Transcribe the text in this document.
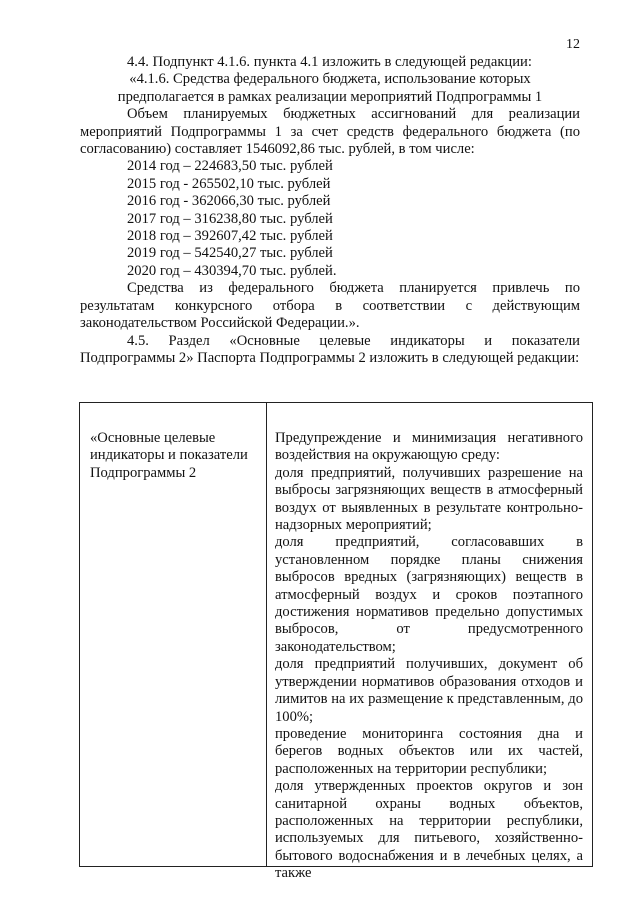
12

4.4. Подпункт 4.1.6. пункта 4.1 изложить в следующей редакции:

«4.1.6. Средства федерального бюджета, использование которых предполагается в рамках реализации мероприятий Подпрограммы 1

Объем планируемых бюджетных ассигнований для реализации мероприятий Подпрограммы 1 за счет средств федерального бюджета (по согласованию) составляет 1546092,86 тыс. рублей, в том числе:

2014 год – 224683,50 тыс. рублей
2015 год - 265502,10 тыс. рублей
2016 год - 362066,30 тыс. рублей
2017 год – 316238,80 тыс. рублей
2018 год – 392607,42 тыс. рублей
2019 год – 542540,27 тыс. рублей
2020 год – 430394,70 тыс. рублей.

Средства из федерального бюджета планируется привлечь по результатам конкурсного отбора в соответствии с действующим законодательством Российской Федерации.».

4.5. Раздел «Основные целевые индикаторы и показатели Подпрограммы 2» Паспорта Подпрограммы 2 изложить в следующей редакции:

«Основные целевые индикаторы и показатели Подпрограммы 2

Предупреждение и минимизация негативного воздействия на окружающую среду:

доля предприятий, получивших разрешение на выбросы загрязняющих веществ в атмосферный воздух от выявленных в результате контрольно-надзорных мероприятий;

доля предприятий, согласовавших в установленном порядке планы снижения выбросов вредных (загрязняющих) веществ в атмосферный воздух и сроков поэтапного достижения нормативов предельно допустимых выбросов, от предусмотренного законодательством;

доля предприятий получивших, документ об утверждении нормативов образования отходов и лимитов на их размещение к представленным, до 100%;

проведение мониторинга состояния дна и берегов водных объектов или их частей, расположенных на территории республики;

доля утвержденных проектов округов и зон санитарной охраны водных объектов, расположенных на территории республики, используемых для питьевого, хозяйственно-бытового водоснабжения и в лечебных целях, а также
